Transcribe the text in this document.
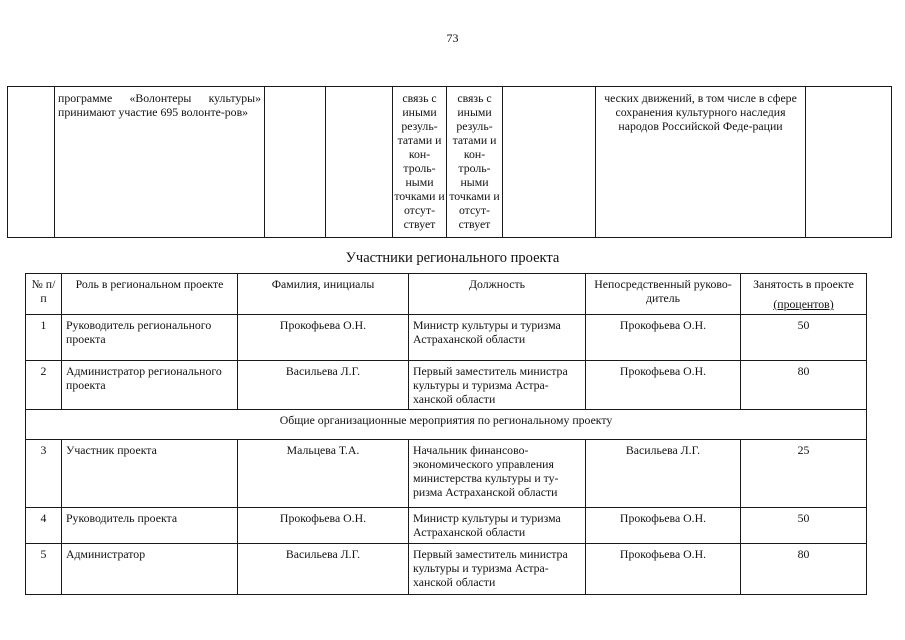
73
	программе «Волонтеры культуры» принимают участие 695 волонте-ров»			связь с иными резуль-татами и кон-троль-ными точками и отсут-ствует	связь с иными резуль-татами и кон-троль-ными точками и отсут-ствует		ческих движений, в том числе в сфере сохранения культурного наследия народов Российской Феде-рации	
Участники регионального проекта
№ п/п	Роль в региональном проекте	Фамилия, инициалы	Должность	Непосредственный руково-дитель	Занятость в проекте
(процентов)

1	Руководитель регионального проекта	Прокофьева О.Н.	Министр культуры и туризма Астраханской области	Прокофьева О.Н.	50
2	Администратор регионального проекта	Васильева Л.Г.	Первый заместитель министра культуры и туризма Астра-ханской области	Прокофьева О.Н.	80
Общие организационные мероприятия по региональному проекту					
3	Участник проекта	Мальцева Т.А.	Начальник финансово-экономического управления министерства культуры и ту-ризма Астраханской области	Васильева Л.Г.	25
4	Руководитель проекта	Прокофьева О.Н.	Министр культуры и туризма Астраханской области	Прокофьева О.Н.	50
5	Администратор	Васильева Л.Г.	Первый заместитель министра культуры и туризма Астра-ханской области	Прокофьева О.Н.	80
